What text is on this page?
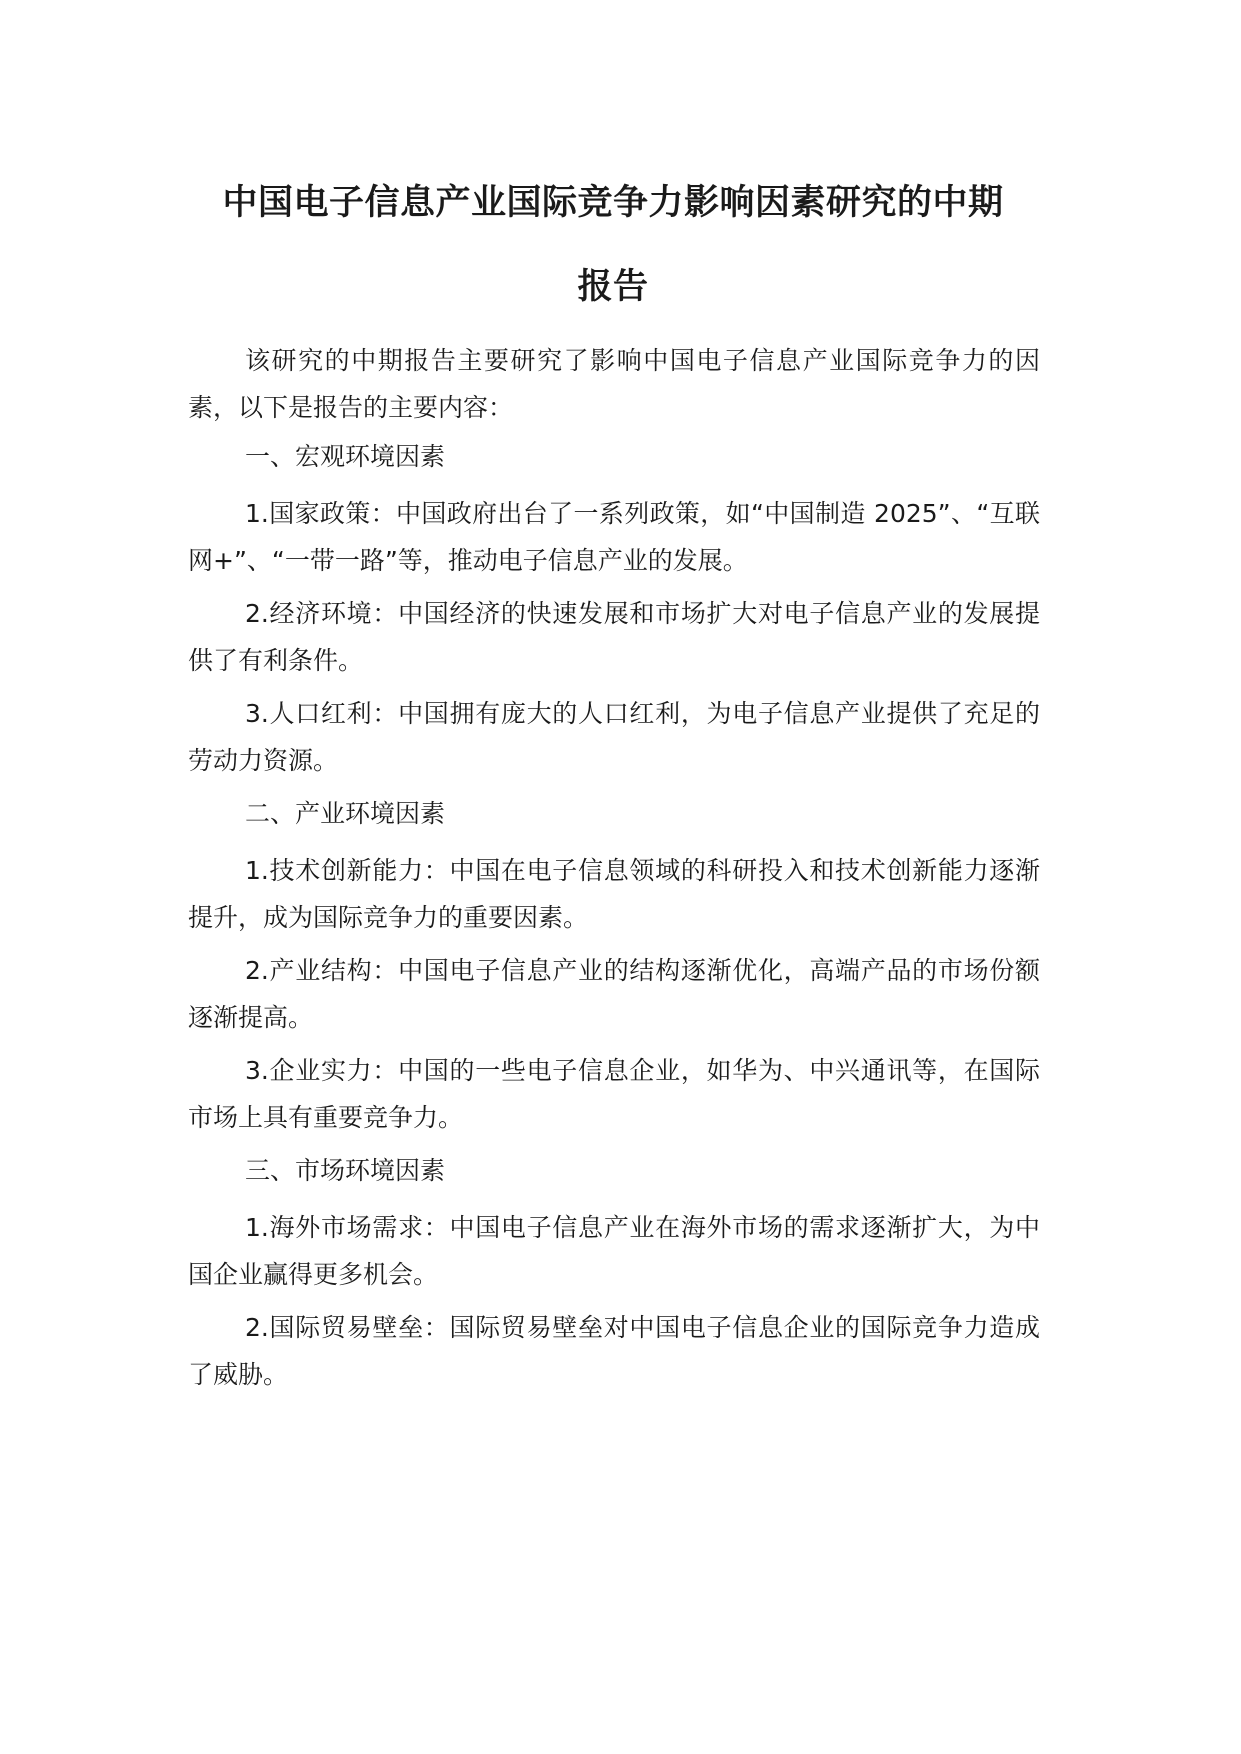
中国电子信息产业国际竞争力影响因素研究的中期
报告

该研究的中期报告主要研究了影响中国电子信息产业国际竞争力的因素，以下是报告的主要内容：

一、宏观环境因素

1.国家政策：中国政府出台了一系列政策，如“中国制造 2025”、“互联网+”、“一带一路”等，推动电子信息产业的发展。

2.经济环境：中国经济的快速发展和市场扩大对电子信息产业的发展提供了有利条件。

3.人口红利：中国拥有庞大的人口红利，为电子信息产业提供了充足的劳动力资源。

二、产业环境因素

1.技术创新能力：中国在电子信息领域的科研投入和技术创新能力逐渐提升，成为国际竞争力的重要因素。

2.产业结构：中国电子信息产业的结构逐渐优化，高端产品的市场份额逐渐提高。

3.企业实力：中国的一些电子信息企业，如华为、中兴通讯等，在国际市场上具有重要竞争力。

三、市场环境因素

1.海外市场需求：中国电子信息产业在海外市场的需求逐渐扩大，为中国企业赢得更多机会。

2.国际贸易壁垒：国际贸易壁垒对中国电子信息企业的国际竞争力造成了威胁。
